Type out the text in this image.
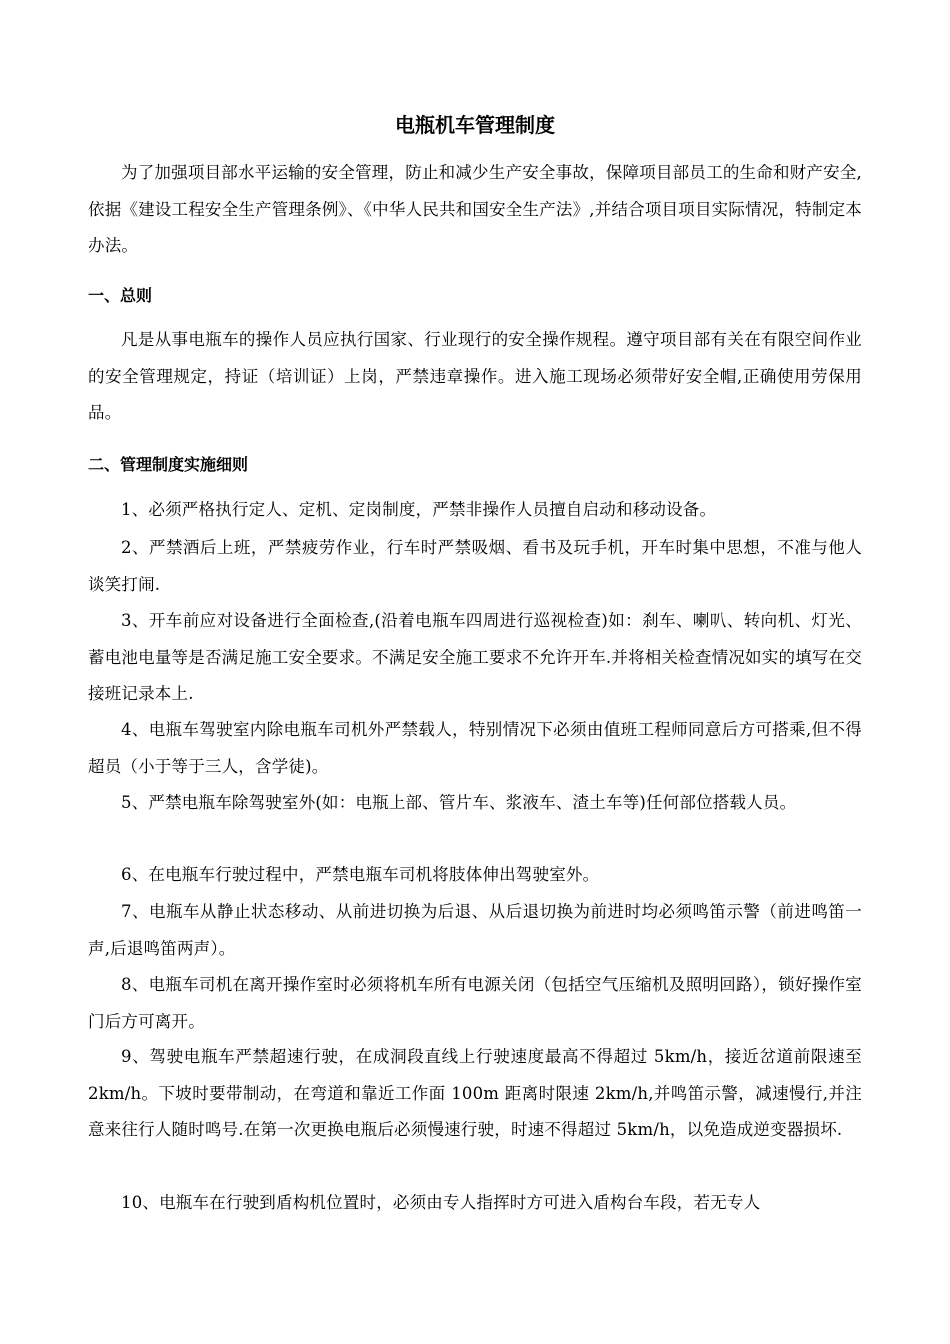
电瓶机车管理制度
为了加强项目部水平运输的安全管理，防止和减少生产安全事故，保障项目部员工的生命和财产安全,依据《建设工程安全生产管理条例》、《中华人民共和国安全生产法》,并结合项目项目实际情况，特制定本办法。
一、总则
凡是从事电瓶车的操作人员应执行国家、行业现行的安全操作规程。遵守项目部有关在有限空间作业的安全管理规定，持证（培训证）上岗，严禁违章操作。进入施工现场必须带好安全帽,正确使用劳保用品。
二、管理制度实施细则
1、必须严格执行定人、定机、定岗制度，严禁非操作人员擅自启动和移动设备。
2、严禁酒后上班，严禁疲劳作业，行车时严禁吸烟、看书及玩手机，开车时集中思想，不准与他人谈笑打闹.
3、开车前应对设备进行全面检查,(沿着电瓶车四周进行巡视检查)如：刹车、喇叭、转向机、灯光、蓄电池电量等是否满足施工安全要求。不满足安全施工要求不允许开车.并将相关检查情况如实的填写在交接班记录本上.
4、电瓶车驾驶室内除电瓶车司机外严禁载人，特别情况下必须由值班工程师同意后方可搭乘,但不得超员（小于等于三人，含学徒)。
5、严禁电瓶车除驾驶室外(如：电瓶上部、管片车、浆液车、渣土车等)任何部位搭载人员。
6、在电瓶车行驶过程中，严禁电瓶车司机将肢体伸出驾驶室外。
7、电瓶车从静止状态移动、从前进切换为后退、从后退切换为前进时均必须鸣笛示警（前进鸣笛一声,后退鸣笛两声）。
8、电瓶车司机在离开操作室时必须将机车所有电源关闭（包括空气压缩机及照明回路），锁好操作室门后方可离开。
9、驾驶电瓶车严禁超速行驶，在成洞段直线上行驶速度最高不得超过 5km/h，接近岔道前限速至 2km/h。下坡时要带制动，在弯道和靠近工作面 100m 距离时限速 2km/h,并鸣笛示警，减速慢行,并注意来往行人随时鸣号.在第一次更换电瓶后必须慢速行驶，时速不得超过 5km/h，以免造成逆变器损坏.
10、电瓶车在行驶到盾构机位置时，必须由专人指挥时方可进入盾构台车段，若无专人
